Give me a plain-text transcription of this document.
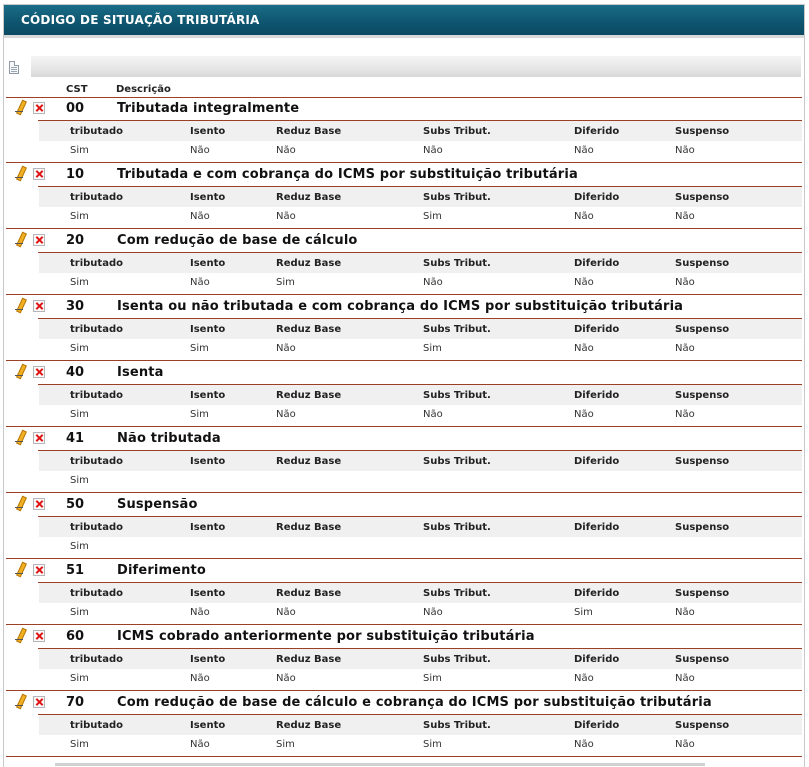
CÓDIGO DE SITUAÇÃO TRIBUTÁRIA
CST	Descrição
00	Tributada integralmente
tributado	Isento	Reduz Base	Subs Tribut.	Diferido	Suspenso
Sim	Não	Não	Não	Não	Não
10	Tributada e com cobrança do ICMS por substituição tributária
tributado	Isento	Reduz Base	Subs Tribut.	Diferido	Suspenso
Sim	Não	Não	Sim	Não	Não
20	Com redução de base de cálculo
tributado	Isento	Reduz Base	Subs Tribut.	Diferido	Suspenso
Sim	Não	Sim	Não	Não	Não
30	Isenta ou não tributada e com cobrança do ICMS por substituição tributária
tributado	Isento	Reduz Base	Subs Tribut.	Diferido	Suspenso
Sim	Sim	Não	Sim	Não	Não
40	Isenta
tributado	Isento	Reduz Base	Subs Tribut.	Diferido	Suspenso
Sim	Sim	Não	Não	Não	Não
41	Não tributada
tributado	Isento	Reduz Base	Subs Tribut.	Diferido	Suspenso
Sim
50	Suspensão
tributado	Isento	Reduz Base	Subs Tribut.	Diferido	Suspenso
Sim
51	Diferimento
tributado	Isento	Reduz Base	Subs Tribut.	Diferido	Suspenso
Sim	Não	Não	Não	Sim	Não
60	ICMS cobrado anteriormente por substituição tributária
tributado	Isento	Reduz Base	Subs Tribut.	Diferido	Suspenso
Sim	Não	Não	Sim	Não	Não
70	Com redução de base de cálculo e cobrança do ICMS por substituição tributária
tributado	Isento	Reduz Base	Subs Tribut.	Diferido	Suspenso
Sim	Não	Sim	Sim	Não	Não
